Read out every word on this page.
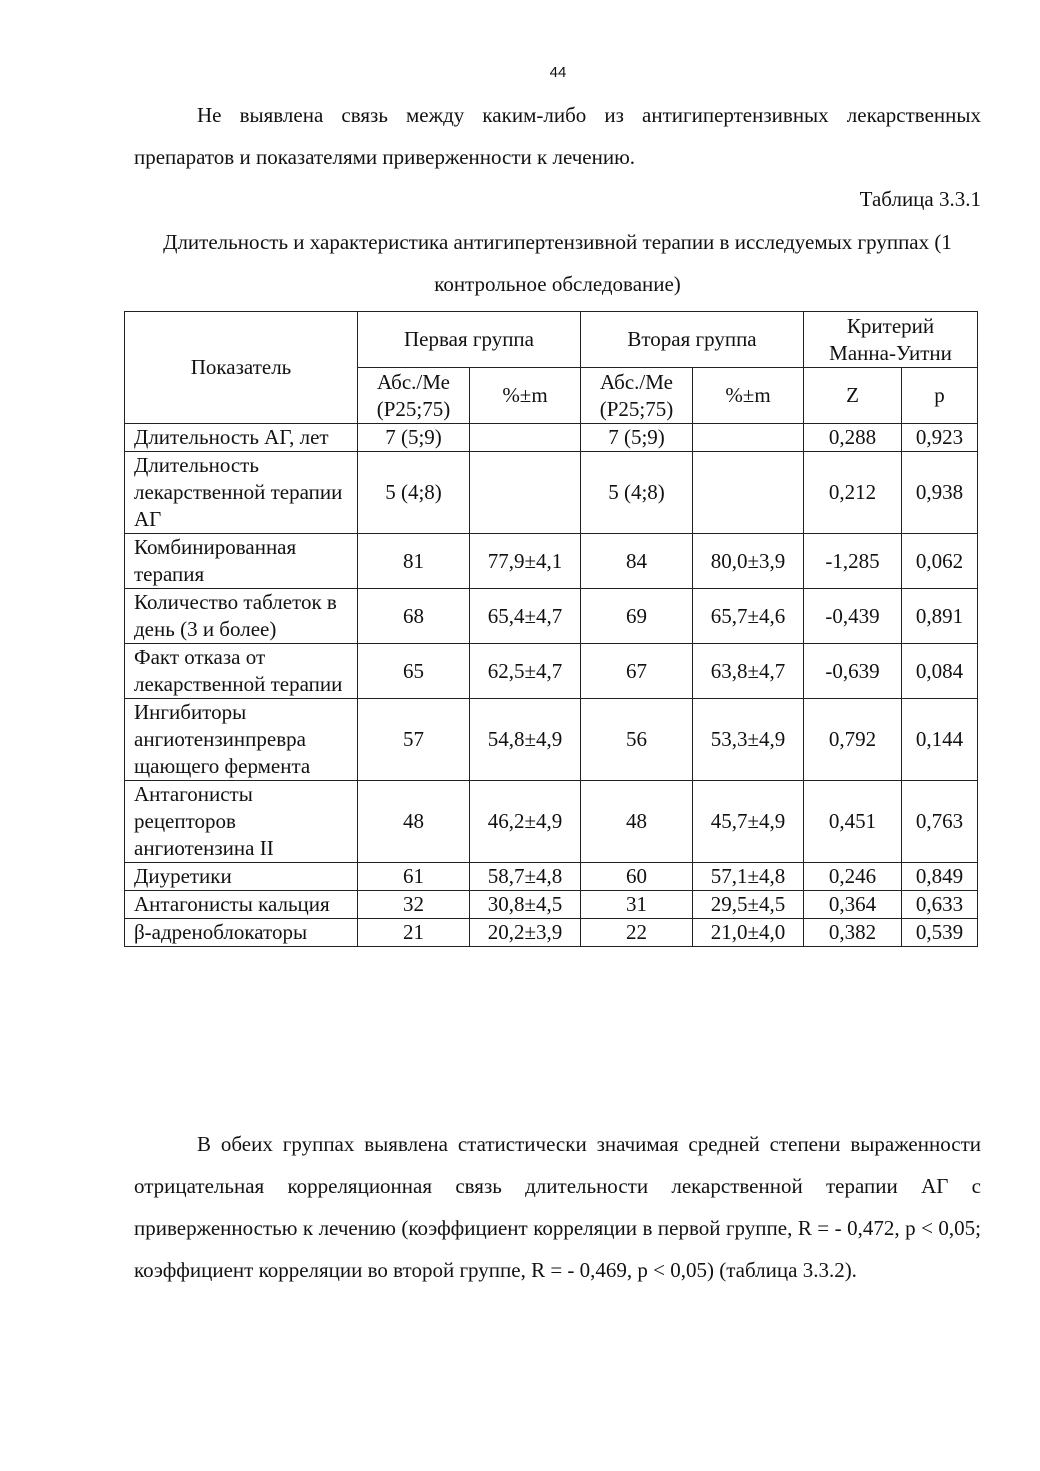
44

Не выявлена связь между каким-либо из антигипертензивных лекарственных препаратов и показателями приверженности к лечению.

Таблица 3.3.1
Длительность и характеристика антигипертензивной терапии в исследуемых группах (1 контрольное обследование)
Показатель	Первая группа		Вторая группа		Критерий Манна-Уитни	
	Абс./Ме (Р25;75)	%±m	Абс./Ме (Р25;75)	%±m	Z	p
Длительность АГ, лет	7 (5;9)		7 (5;9)		0,288	0,923
Длительность лекарственной терапии АГ	5 (4;8)		5 (4;8)		0,212	0,938
Комбинированная терапия	81	77,9±4,1	84	80,0±3,9	-1,285	0,062
Количество таблеток в день (3 и более)	68	65,4±4,7	69	65,7±4,6	-0,439	0,891
Факт отказа от лекарственной терапии	65	62,5±4,7	67	63,8±4,7	-0,639	0,084
Ингибиторы ангиотензинпревра щающего фермента	57	54,8±4,9	56	53,3±4,9	0,792	0,144
Антагонисты рецепторов ангиотензина II	48	46,2±4,9	48	45,7±4,9	0,451	0,763
Диуретики	61	58,7±4,8	60	57,1±4,8	0,246	0,849
Антагонисты кальция	32	30,8±4,5	31	29,5±4,5	0,364	0,633
β-адреноблокаторы	21	20,2±3,9	22	21,0±4,0	0,382	0,539

В обеих группах выявлена статистически значимая средней степени выраженности отрицательная корреляционная связь длительности лекарственной терапии АГ с приверженностью к лечению (коэффициент корреляции в первой группе, R = - 0,472, p < 0,05; коэффициент корреляции во второй группе, R = - 0,469, p < 0,05) (таблица 3.3.2).
